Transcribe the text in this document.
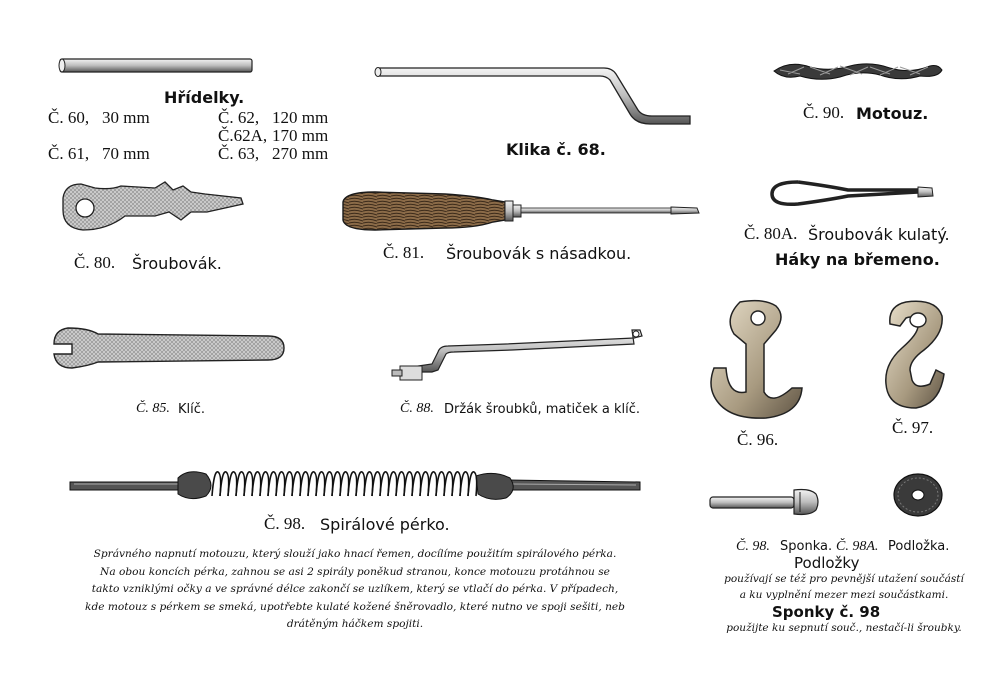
Hřídelky.
Č. 60, 30 mm
Č. 61, 70 mm
Č. 62, 120 mm
Č.62A, 170 mm
Č. 63, 270 mm	Klika č. 68.
Č. 90. Motouz.
Č. 80. Šroubovák.
Č. 81. Šroubovák s násadkou.
Č. 80A. Šroubovák kulatý.
Háky na břemeno.
Č. 85. Klíč.	Č. 88. Držák šroubků, matiček a klíč.
Č. 96.
Č. 97.
Č. 98. Spirálové pérko.
Správného napnutí motouzu, který slouží jako hnací řemen, docílíme použitím spirálového pérka.
Na obou koncích pérka, zahnou se asi 2 spirály poněkud stranou, konce motouzu protáhnou se
takto vzniklými očky a ve správné délce zakončí se uzlíkem, který se vtlačí do pérka. V případech,
kde motouz s pérkem se smeká, upotřebte kulaté kožené šněrovadlo, které nutno ve spoji sešiti, neb
drátěným háčkem spojiti.
Č. 98. Sponka. Č. 98A. Podložka.
Podložky
používají se též pro pevnější utažení součástí
a ku vyplnění mezer mezi součástkami.
Sponky č. 98
použijte ku sepnutí souč., nestačí-li šroubky.
